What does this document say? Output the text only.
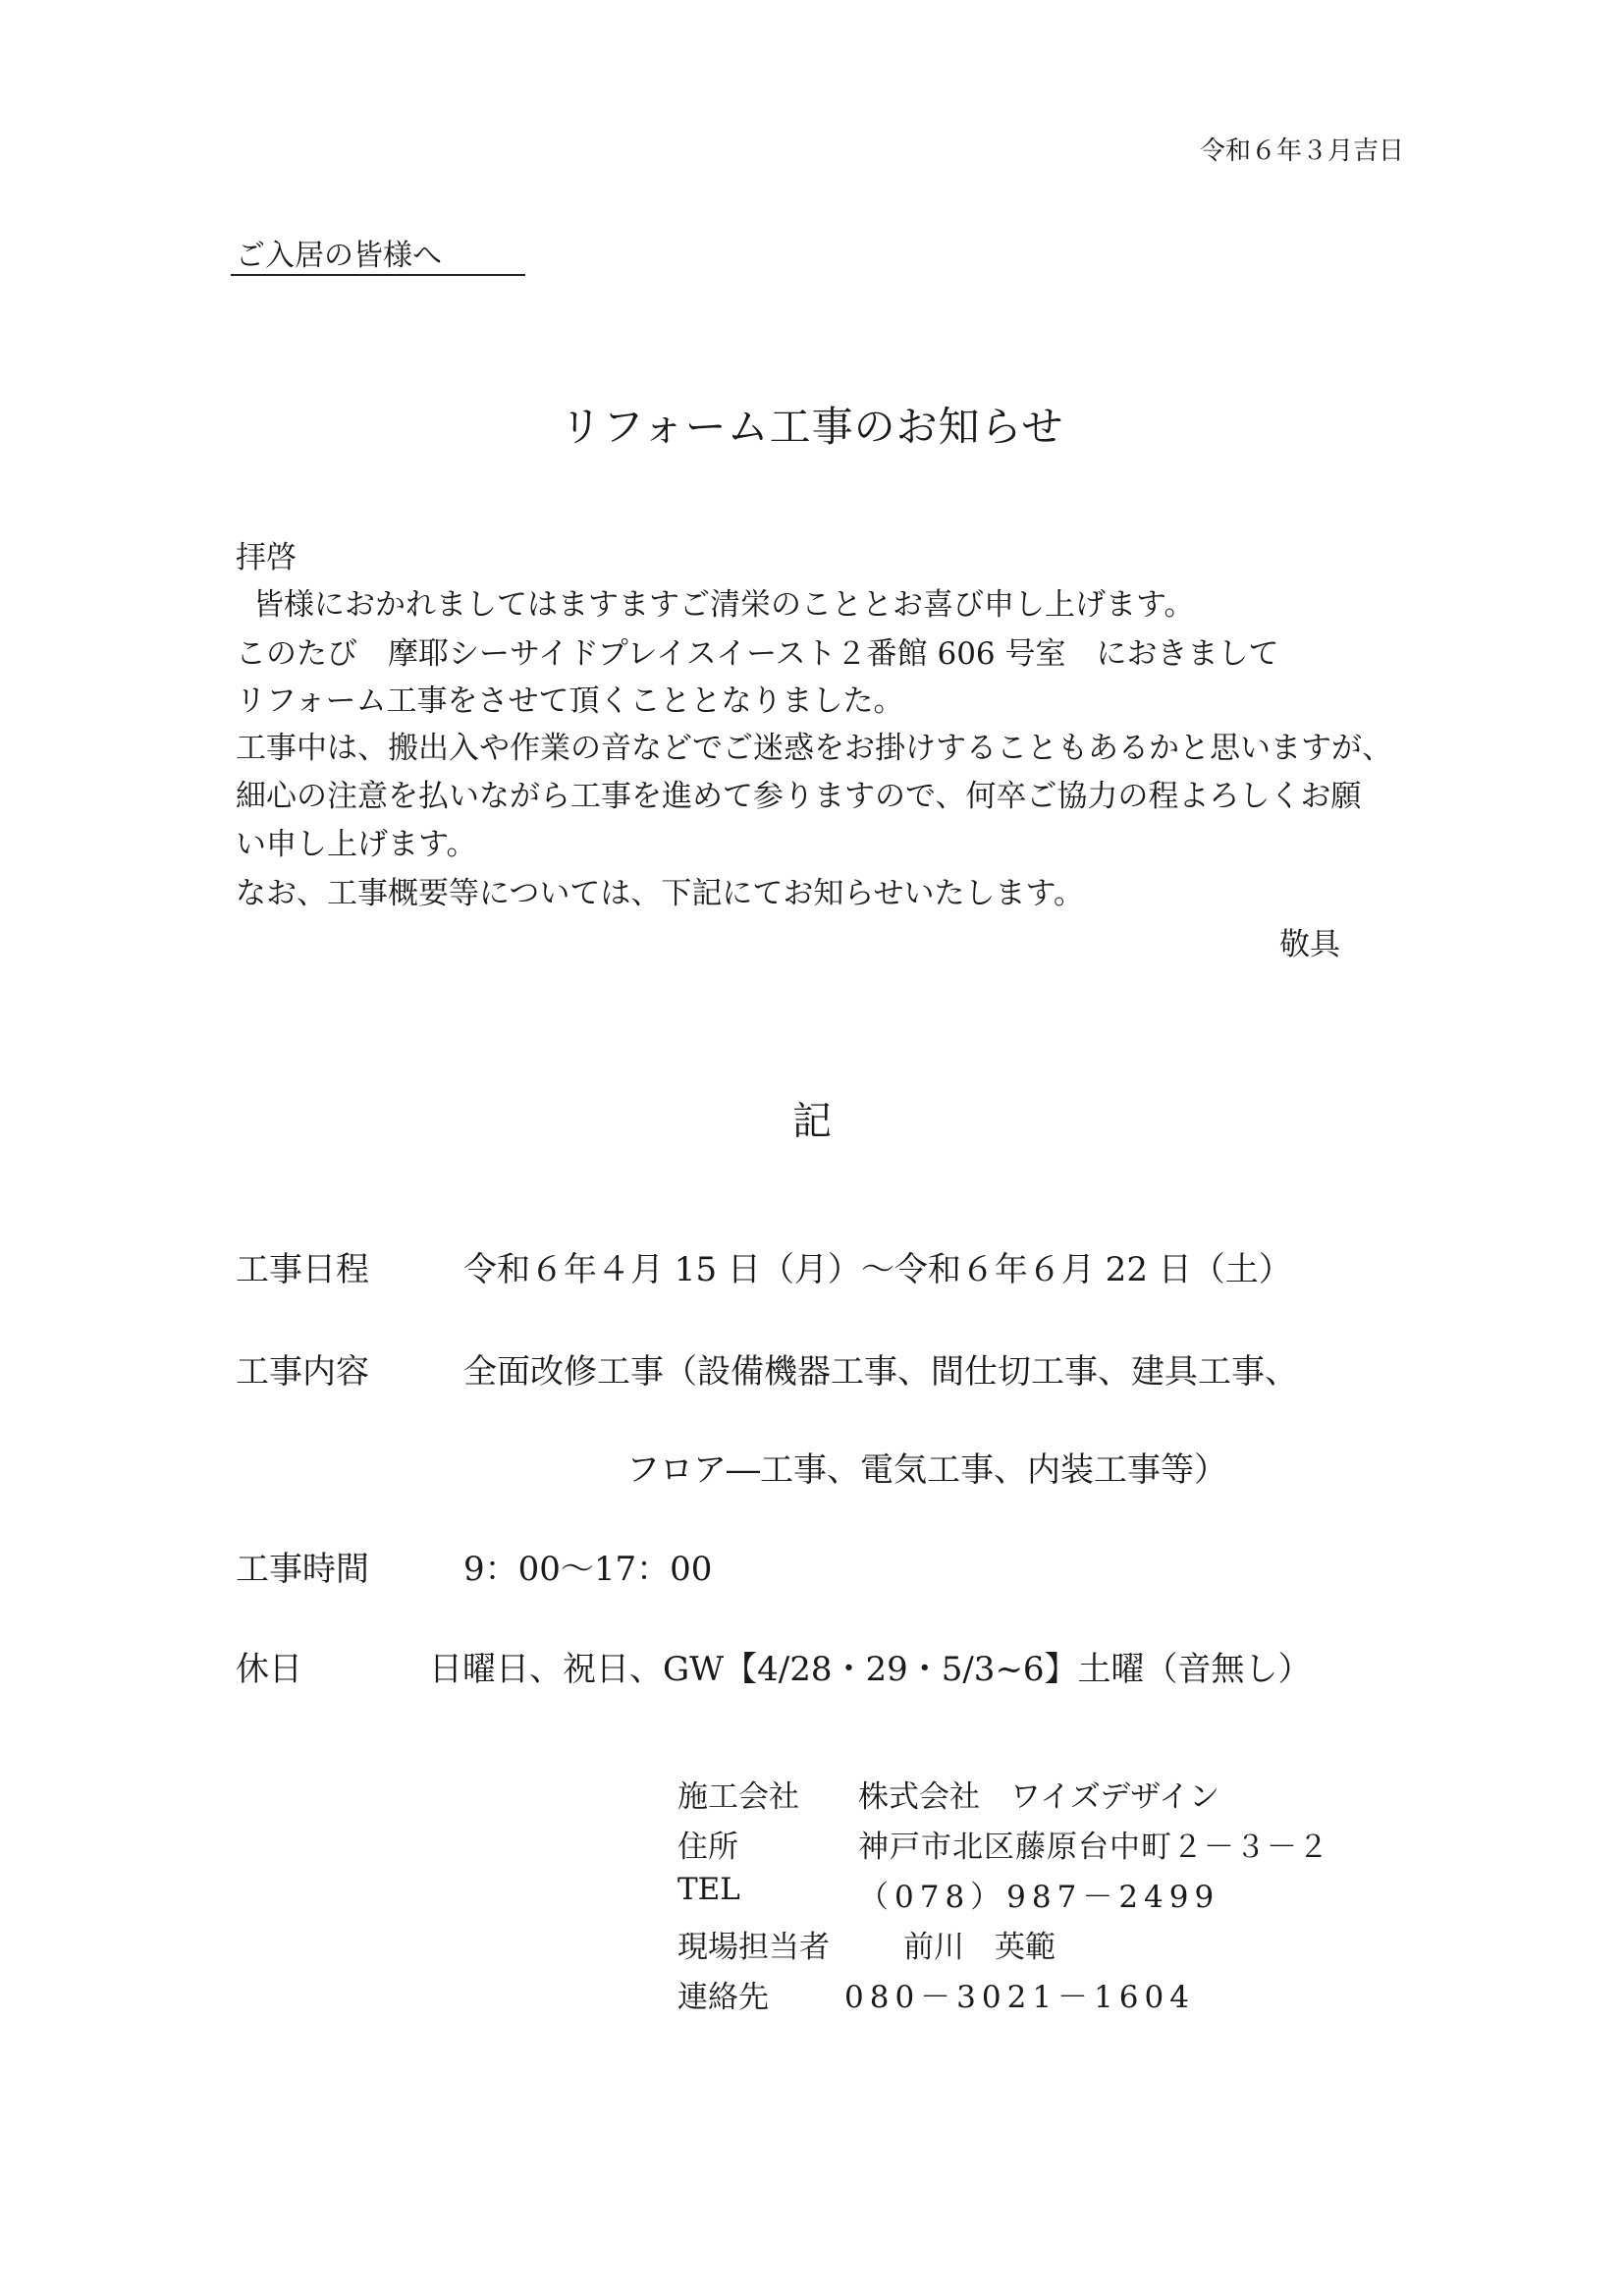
令和６年３月吉日
ご入居の皆様へ
リフォーム工事のお知らせ
拝啓
皆様におかれましてはますますご清栄のこととお喜び申し上げます。
このたび　摩耶シーサイドプレイスイースト２番館 606 号室　におきまして
リフォーム工事をさせて頂くこととなりました。
工事中は、搬出入や作業の音などでご迷惑をお掛けすることもあるかと思いますが、
細心の注意を払いながら工事を進めて参りますので、何卒ご協力の程よろしくお願
い申し上げます。
なお、工事概要等については、下記にてお知らせいたします。
敬具
記
工事日程	令和６年４月 15 日（月）～令和６年６月 22 日（土）
工事内容	全面改修工事（設備機器工事、間仕切工事、建具工事、
フロア―工事、電気工事、内装工事等）
工事時間	9：00～17：00
休日	日曜日、祝日、GW【4/28・29・5/3~6】土曜（音無し）
施工会社 株式会社　ワイズデザイン
住所	神戸市北区藤原台中町２－３－２
TEL	（078）987－2499
現場担当者 前川　英範
連絡先 080－3021－1604
